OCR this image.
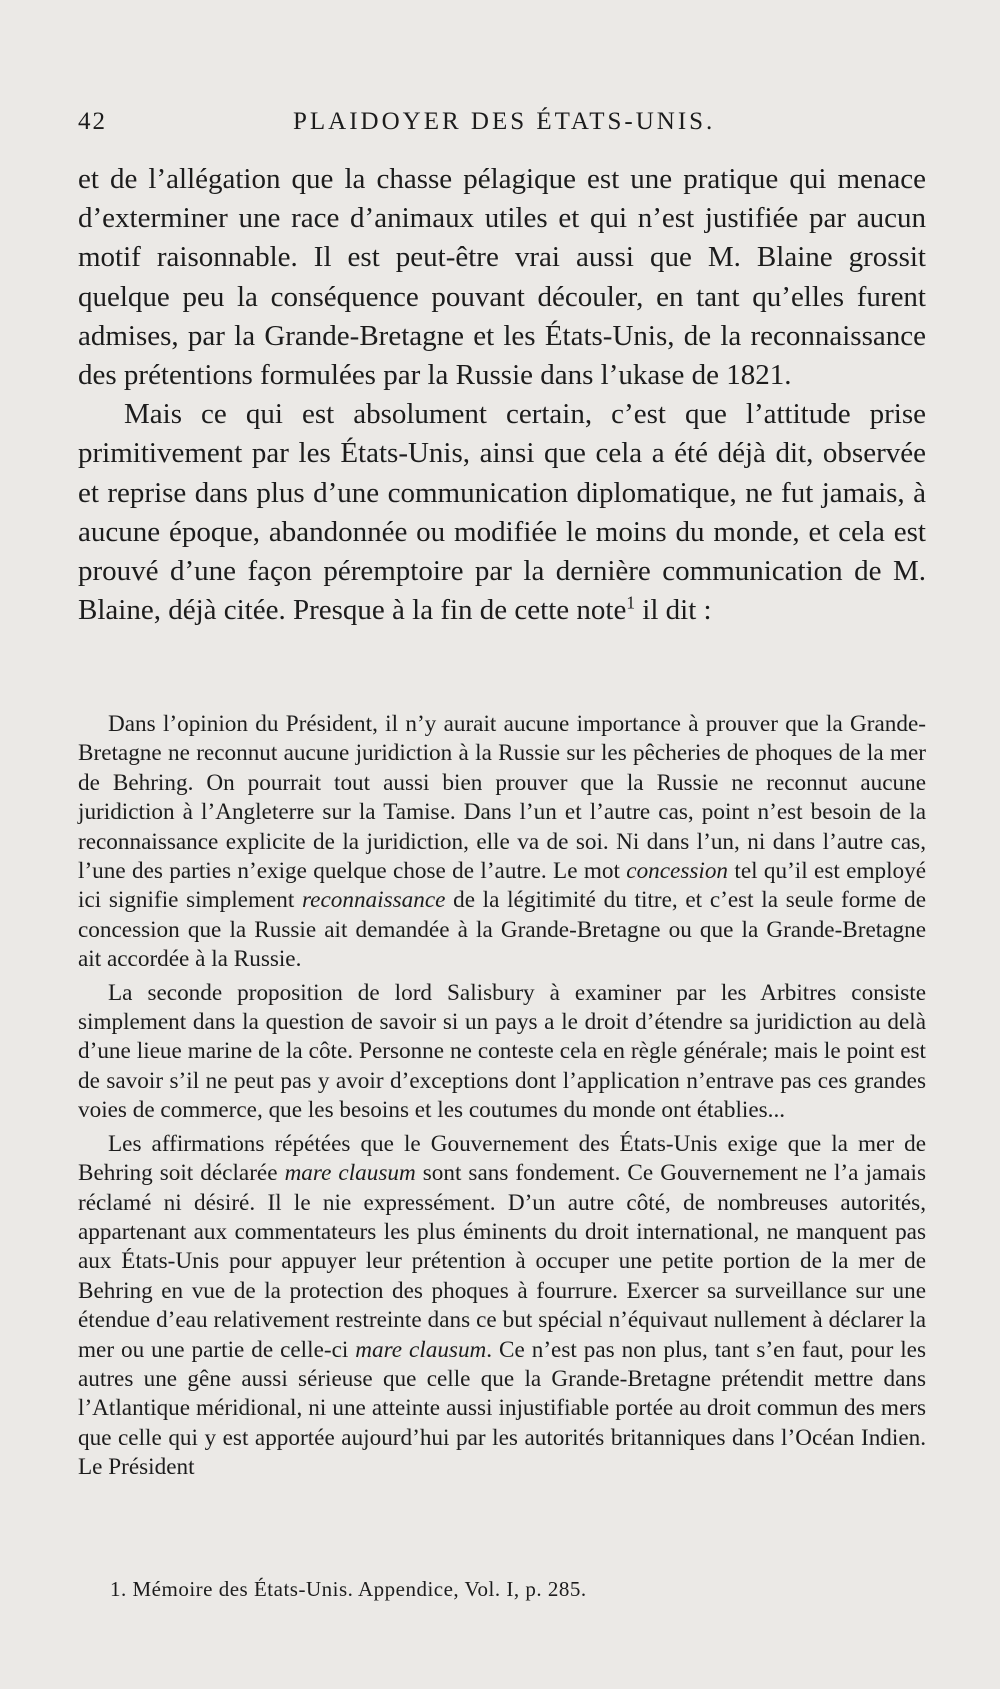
42	PLAIDOYER DES ÉTATS-UNIS.

et de l’allégation que la chasse pélagique est une pratique qui menace d’exterminer une race d’animaux utiles et qui n’est justifiée par aucun motif raisonnable. Il est peut-être vrai aussi que M. Blaine grossit quelque peu la conséquence pouvant découler, en tant qu’elles furent admises, par la Grande-Bretagne et les États-Unis, de la reconnaissance des prétentions formulées par la Russie dans l’ukase de 1821.

Mais ce qui est absolument certain, c’est que l’attitude prise primitivement par les États-Unis, ainsi que cela a été déjà dit, observée et reprise dans plus d’une communication diplomatique, ne fut jamais, à aucune époque, abandonnée ou modifiée le moins du monde, et cela est prouvé d’une façon péremptoire par la dernière communication de M. Blaine, déjà citée. Presque à la fin de cette note$^1$ il dit :

Dans l’opinion du Président, il n’y aurait aucune importance à prouver que la Grande-Bretagne ne reconnut aucune juridiction à la Russie sur les pêcheries de phoques de la mer de Behring. On pourrait tout aussi bien prouver que la Russie ne reconnut aucune juridiction à l’Angleterre sur la Tamise. Dans l’un et l’autre cas, point n’est besoin de la reconnaissance explicite de la juridiction, elle va de soi. Ni dans l’un, ni dans l’autre cas, l’une des parties n’exige quelque chose de l’autre. Le mot concession tel qu’il est employé ici signifie simplement reconnaissance de la légitimité du titre, et c’est la seule forme de concession que la Russie ait demandée à la Grande-Bretagne ou que la Grande-Bretagne ait accordée à la Russie.

La seconde proposition de lord Salisbury à examiner par les Arbitres consiste simplement dans la question de savoir si un pays a le droit d’étendre sa juridiction au delà d’une lieue marine de la côte. Personne ne conteste cela en règle générale; mais le point est de savoir s’il ne peut pas y avoir d’exceptions dont l’application n’entrave pas ces grandes voies de commerce, que les besoins et les coutumes du monde ont établies...

Les affirmations répétées que le Gouvernement des États-Unis exige que la mer de Behring soit déclarée mare clausum sont sans fondement. Ce Gouvernement ne l’a jamais réclamé ni désiré. Il le nie expressément. D’un autre côté, de nombreuses autorités, appartenant aux commentateurs les plus éminents du droit international, ne manquent pas aux États-Unis pour appuyer leur prétention à occuper une petite portion de la mer de Behring en vue de la protection des phoques à fourrure. Exercer sa surveillance sur une étendue d’eau relativement restreinte dans ce but spécial n’équivaut nullement à déclarer la mer ou une partie de celle-ci mare clausum. Ce n’est pas non plus, tant s’en faut, pour les autres une gêne aussi sérieuse que celle que la Grande-Bretagne prétendit mettre dans l’Atlantique méridional, ni une atteinte aussi injustifiable portée au droit commun des mers que celle qui y est apportée aujourd’hui par les autorités britanniques dans l’Océan Indien. Le Président

1. Mémoire des États-Unis. Appendice, Vol. I, p. 285.
